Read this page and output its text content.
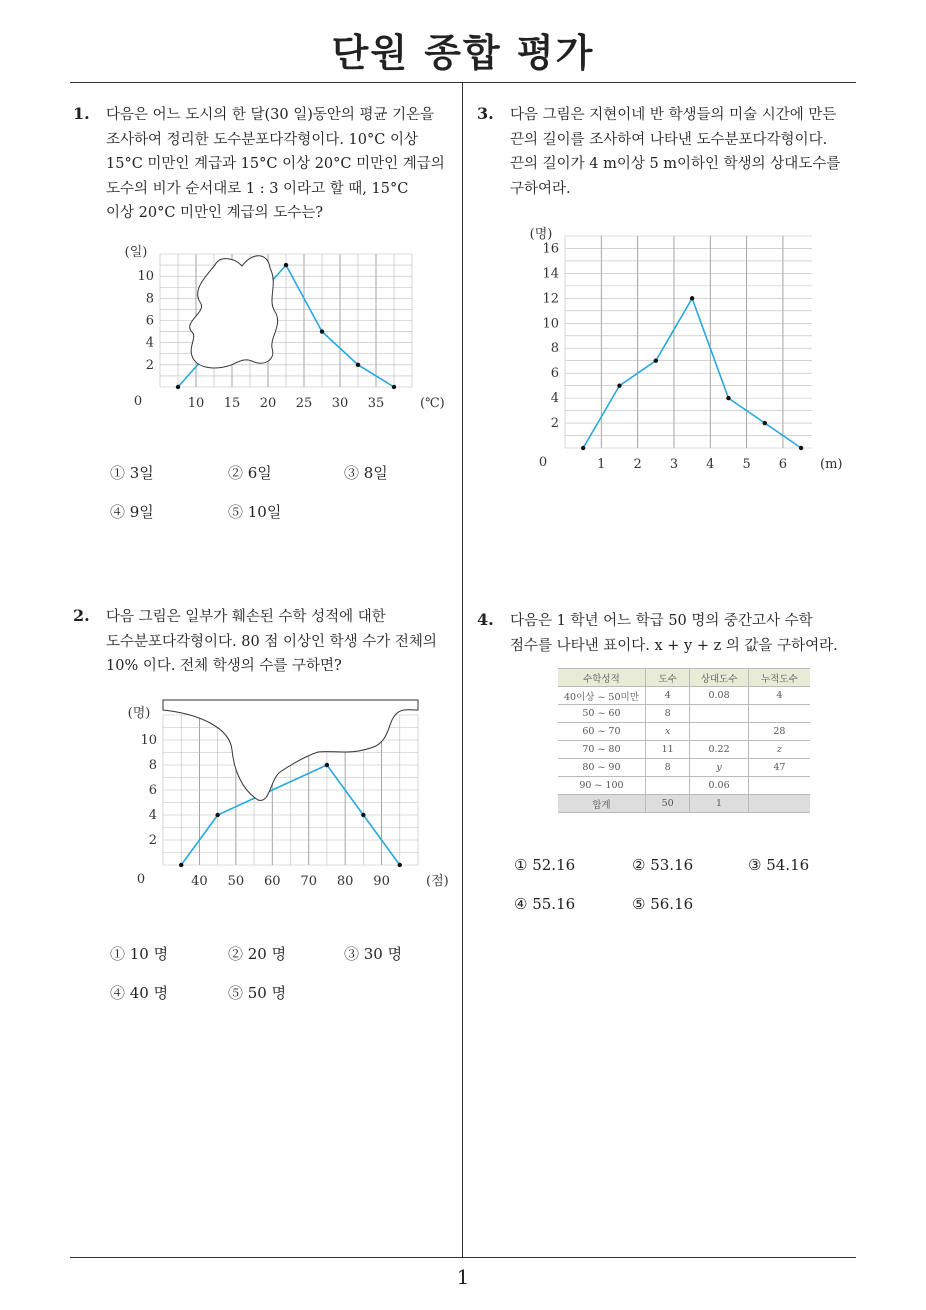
단원 종합 평가
1
1. 다음은 어느 도시의 한 달(30 일)동안의 평균 기온을
조사하여 정리한 도수분포다각형이다. 10°C 이상
15°C 미만인 계급과 15°C 이상 20°C 미만인 계급의
도수의 비가 순서대로 1 : 3 이라고 할 때, 15°C
이상 20°C 미만인 계급의 도수는?
10 15 20 25 30 35
2
4
6
8
10
0
(일)
(℃)
① 3일	② 6일	③ 8일
④ 9일	⑤ 10일
2. 다음 그림은 일부가 훼손된 수학 성적에 대한
도수분포다각형이다. 80 점 이상인 학생 수가 전체의
10% 이다. 전체 학생의 수를 구하면?
40 50 60 70 80 90
2
4
6
8
10
0
(명)
(점)
① 10 명	② 20 명	③ 30 명
④ 40 명	⑤ 50 명
3. 다음 그림은 지현이네 반 학생들의 미술 시간에 만든
끈의 길이를 조사하여 나타낸 도수분포다각형이다.
끈의 길이가 4 m이상 5 m이하인 학생의 상대도수를
구하여라.
1 2 3 4 5 6
2
4
6
8
10
12
14
16
0
(명)
(m)
4. 다음은 1 학년 어느 학급 50 명의 중간고사 수학
점수를 나타낸 표이다. x + y + z 의 값을 구하여라.
수학성적	도수	상대도수	누적도수
40이상 ~ 50미만	4	0.08	4
50 ~ 60	8		
60 ~ 70	x		28
70 ~ 80	11	0.22	z
80 ~ 90	8	y	47
90 ~ 100		0.06	
합계	50	1	
① 52.16	② 53.16	③ 54.16
④ 55.16	⑤ 56.16
